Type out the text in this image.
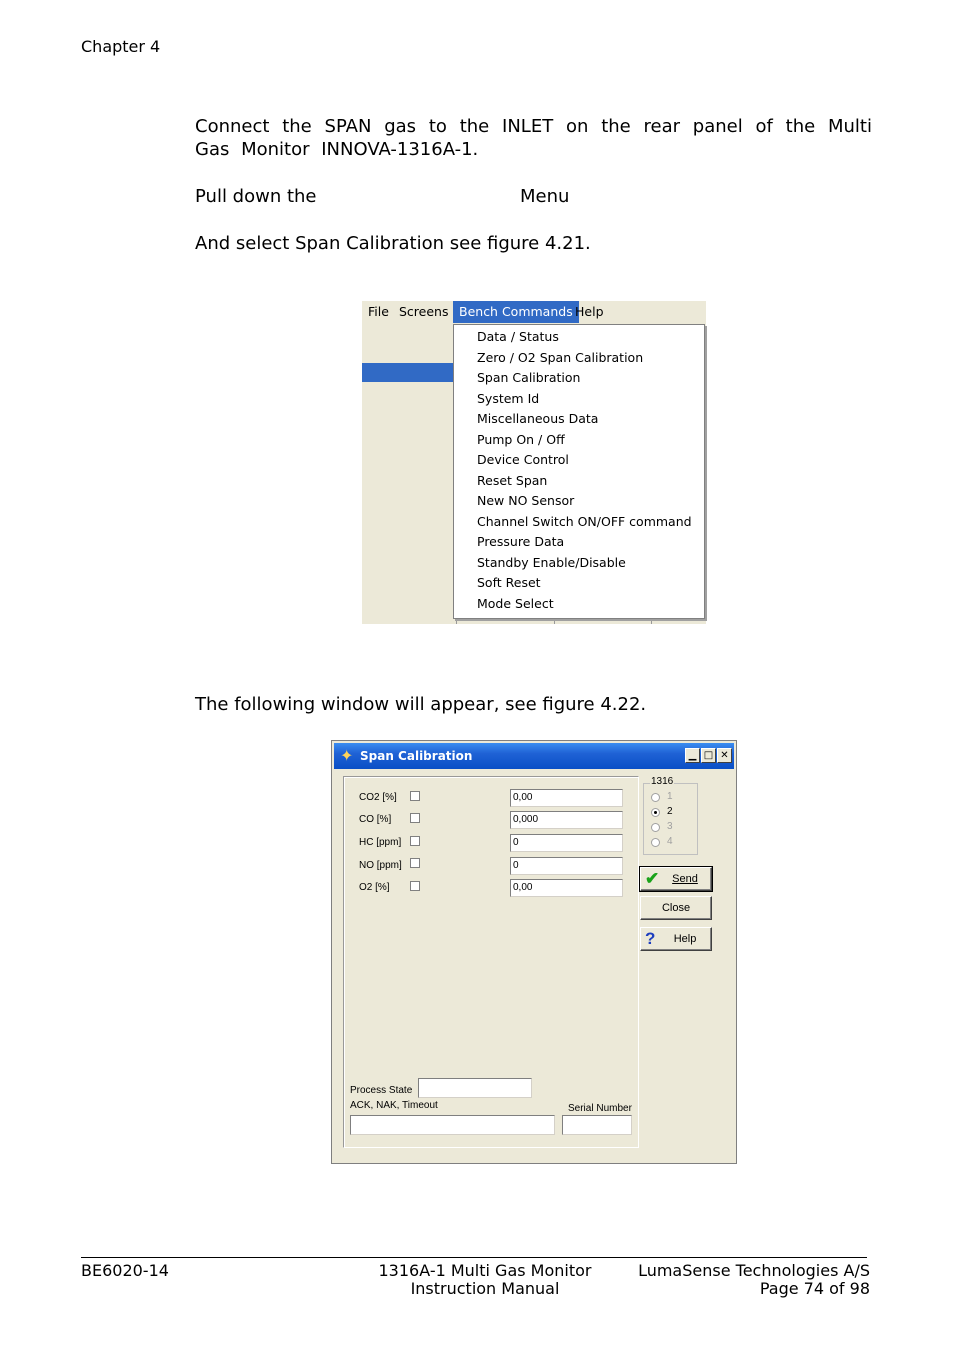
Chapter 4
Connect the SPAN gas to the INLET on the rear panel of the Multi Gas Monitor INNOVA-1316A-1.
Pull down the	Menu
And select Span Calibration see figure 4.21.
File Screens Bench Commands Help
Data / Status
Zero / O2 Span Calibration
Span Calibration
System Id
Miscellaneous Data
Pump On / Off
Device Control
Reset Span
New NO Sensor
Channel Switch ON/OFF command
Pressure Data
Standby Enable/Disable
Soft Reset
Mode Select
The following window will appear, see figure 4.22.
✦ Span Calibration	▁ □ ✕
CO2 [%]	0,00
CO [%]	0,000
HC [ppm]	0
NO [ppm]	0
O2 [%]	0,00
Process State
ACK, NAK, Timeout	Serial Number
1316
1
2
3
4
✔ Send
Close
? Help
BE6020-14	1316A-1 Multi Gas Monitor
Instruction Manual
LumaSense Technologies A/S
Page 74 of 98
